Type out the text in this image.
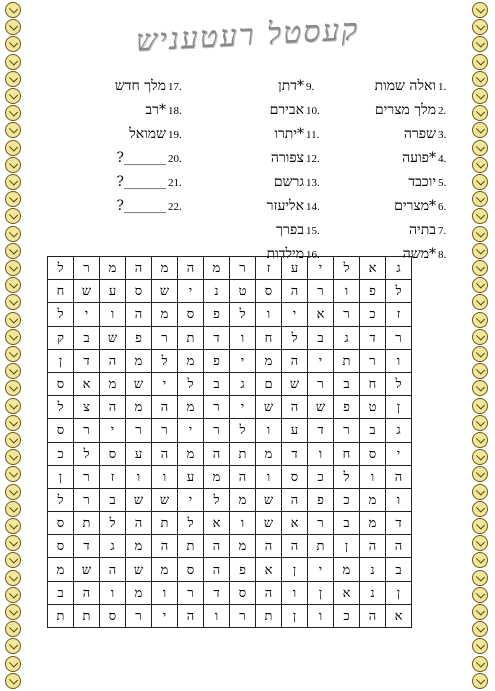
קעסטל רעטעניש
1.
ואלה שמות
2.
מלך מצרים
3.
שפרה
4.
*פועה
5.
יוכבד
6.
*מצרים
7.
בתיה
8.
*משה
9.
*דתן
10.
אבירם
11.
*יתרו
12.
צפורה
13.
גרשם
14.
אליעזר
15.
בפרך
16.
מילדות
17.
מלך חדש
18.
*רב
19.
שמואל
20.
______?
21.
______?
22.
______?
ג	א	ל	י	ע	ז	ר	מ	ה	מ	ה	מ	ר	ל
ל	פ	ו	ר	ה	ס	ט	נ	י	ש	ס	ע	ש	ח
ז	כ	ר	א	י	ו	ל	פ	ס	מ	ה	ו	י	ל
ר	ד	ג	ב	ל	ח	ו	ד	ת	ר	פ	ש	ב	ק
ו	ר	ת	י	ה	מ	י	פ	מ	ל	מ	ה	ד	ן
ל	ח	ב	ר	ש	ם	ג	ב	ל	י	ש	מ	א	ס
ן	ט	פ	ש	ה	ש	י	ר	מ	ה	מ	ה	צ	ל
ג	ב	ר	ד	ע	ו	ל	ר	י	ר	ר	י	ר	ס
י	ס	ח	ו	ד	מ	ת	ה	מ	ה	ע	ס	ל	כ
ה	ו	ל	כ	ס	ו	ה	מ	ע	ו	ו	ז	ר	ן
ו	מ	כ	פ	ה	ש	מ	ל	י	ש	ש	ב	ר	ל
ד	מ	ב	ר	א	ש	ו	א	ל	ת	ה	ל	ת	ס
ה	ה	ן	ת	ה	ה	מ	ה	ת	ה	מ	ג	ד	ס
ב	נ	מ	י	ן	א	פ	ה	ס	מ	ש	ה	ש	מ
ן	נ	א	ן	ו	ה	ס	ד	ר	ו	מ	ו	ה	ב
א	ה	כ	ו	ן	ת	ר	ו	ה	י	ר	ס	ת	ת
